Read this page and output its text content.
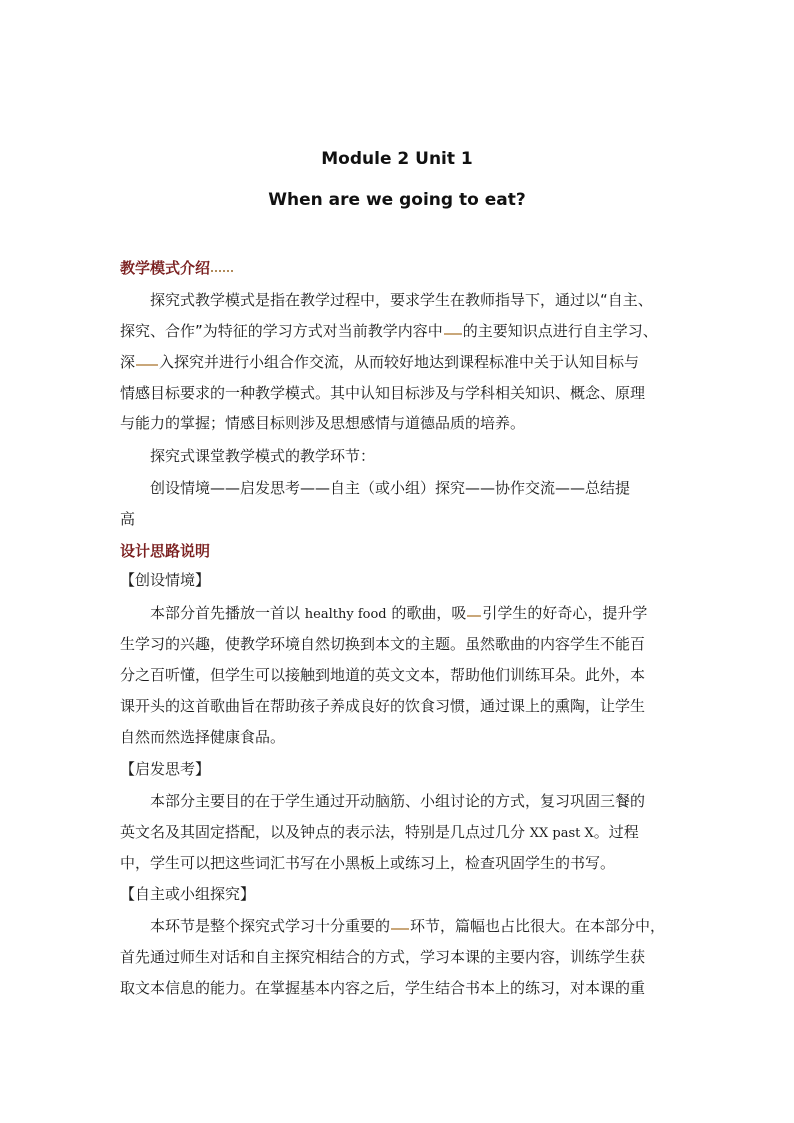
Module 2 Unit 1
When are we going to eat?
教学模式介绍
探究式教学模式是指在教学过程中，要求学生在教师指导下，通过以“自主、
探究、合作”为特征的学习方式对当前教学内容中 的主要知识点进行自主学习、
深 入探究并进行小组合作交流，从而较好地达到课程标准中关于认知目标与
情感目标要求的一种教学模式。其中认知目标涉及与学科相关知识、概念、原理
与能力的掌握；情感目标则涉及思想感情与道德品质的培养。
探究式课堂教学模式的教学环节：
创设情境——启发思考——自主（或小组）探究——协作交流——总结提
高
设计思路说明
【创设情境】
本部分首先播放一首以 healthy food 的歌曲，吸 引学生的好奇心，提升学
生学习的兴趣，使教学环境自然切换到本文的主题。虽然歌曲的内容学生不能百
分之百听懂，但学生可以接触到地道的英文文本，帮助他们训练耳朵。此外，本
课开头的这首歌曲旨在帮助孩子养成良好的饮食习惯，通过课上的熏陶，让学生
自然而然选择健康食品。
【启发思考】
本部分主要目的在于学生通过开动脑筋、小组讨论的方式，复习巩固三餐的
英文名及其固定搭配，以及钟点的表示法，特别是几点过几分 XX past X。过程
中，学生可以把这些词汇书写在小黑板上或练习上，检查巩固学生的书写。
【自主或小组探究】
本环节是整个探究式学习十分重要的 环节，篇幅也占比很大。在本部分中，
首先通过师生对话和自主探究相结合的方式，学习本课的主要内容，训练学生获
取文本信息的能力。在掌握基本内容之后，学生结合书本上的练习，对本课的重
